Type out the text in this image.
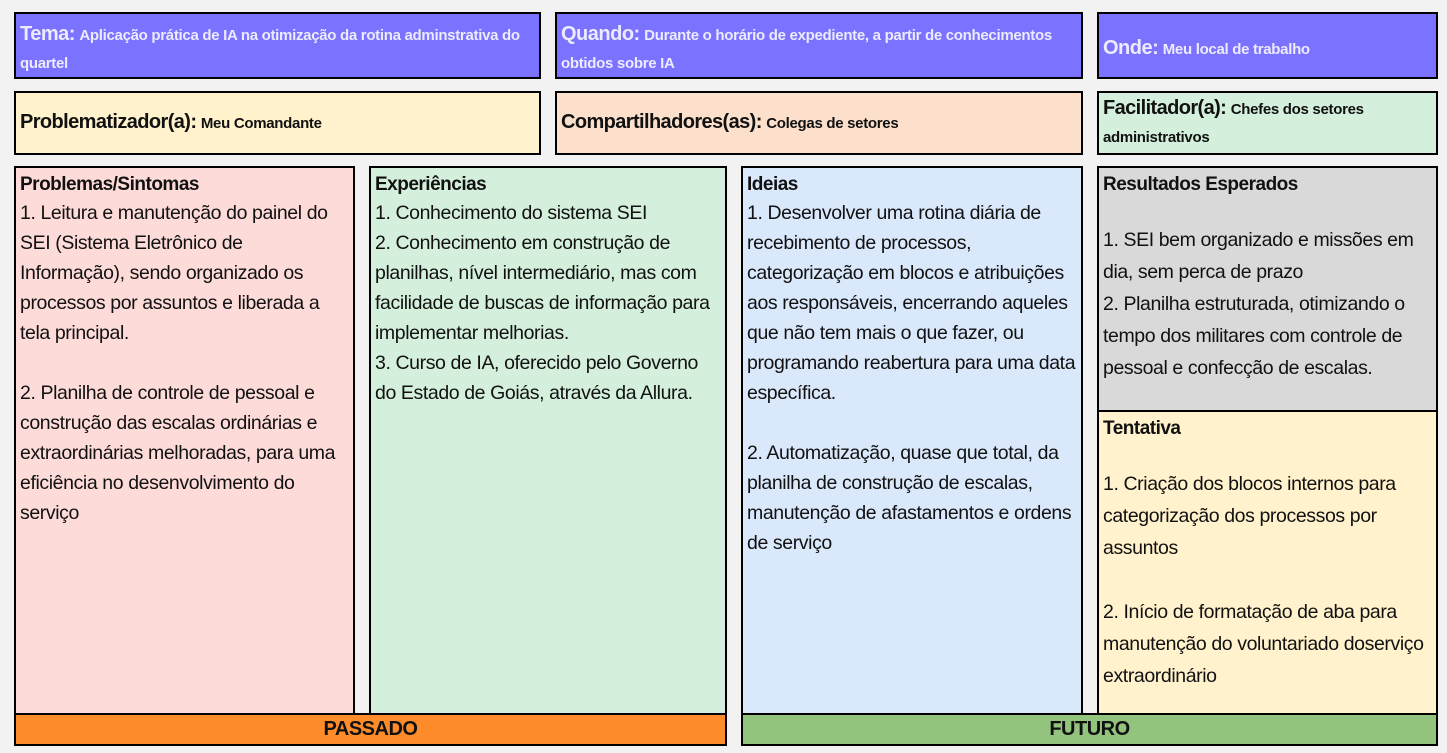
Tema: Aplicação prática de IA na otimização da rotina adminstrativa do quartel
Quando: Durante o horário de expediente, a partir de conhecimentos obtidos sobre IA
Onde: Meu local de trabalho
Problematizador(a): Meu Comandante	Compartilhadores(as): Colegas de setores
Facilitador(a): Chefes dos setores administrativos
Problemas/Sintomas
1. Leitura e manutenção do painel do SEI (Sistema Eletrônico de Informação), sendo organizado os processos por assuntos e liberada a tela principal.

2. Planilha de controle de pessoal e construção das escalas ordinárias e extraordinárias melhoradas, para uma eficiência no desenvolvimento do serviço
Experiências
1. Conhecimento do sistema SEI
2. Conhecimento em construção de planilhas, nível intermediário, mas com facilidade de buscas de informação para implementar melhorias.
3. Curso de IA, oferecido pelo Governo do Estado de Goiás, através da Allura.
Ideias
1. Desenvolver uma rotina diária de recebimento de processos, categorização em blocos e atribuições aos responsáveis, encerrando aqueles que não tem mais o que fazer, ou programando reabertura para uma data específica.

2. Automatização, quase que total, da planilha de construção de escalas, manutenção de afastamentos e ordens de serviço
Resultados Esperados
1. SEI bem organizado e missões em dia, sem perca de prazo
2. Planilha estruturada, otimizando o tempo dos militares com controle de pessoal e confecção de escalas.
Tentativa
1. Criação dos blocos internos para categorização dos processos por assuntos

2. Início de formatação de aba para manutenção do voluntariado doserviço extraordinário
PASSADO	FUTURO
